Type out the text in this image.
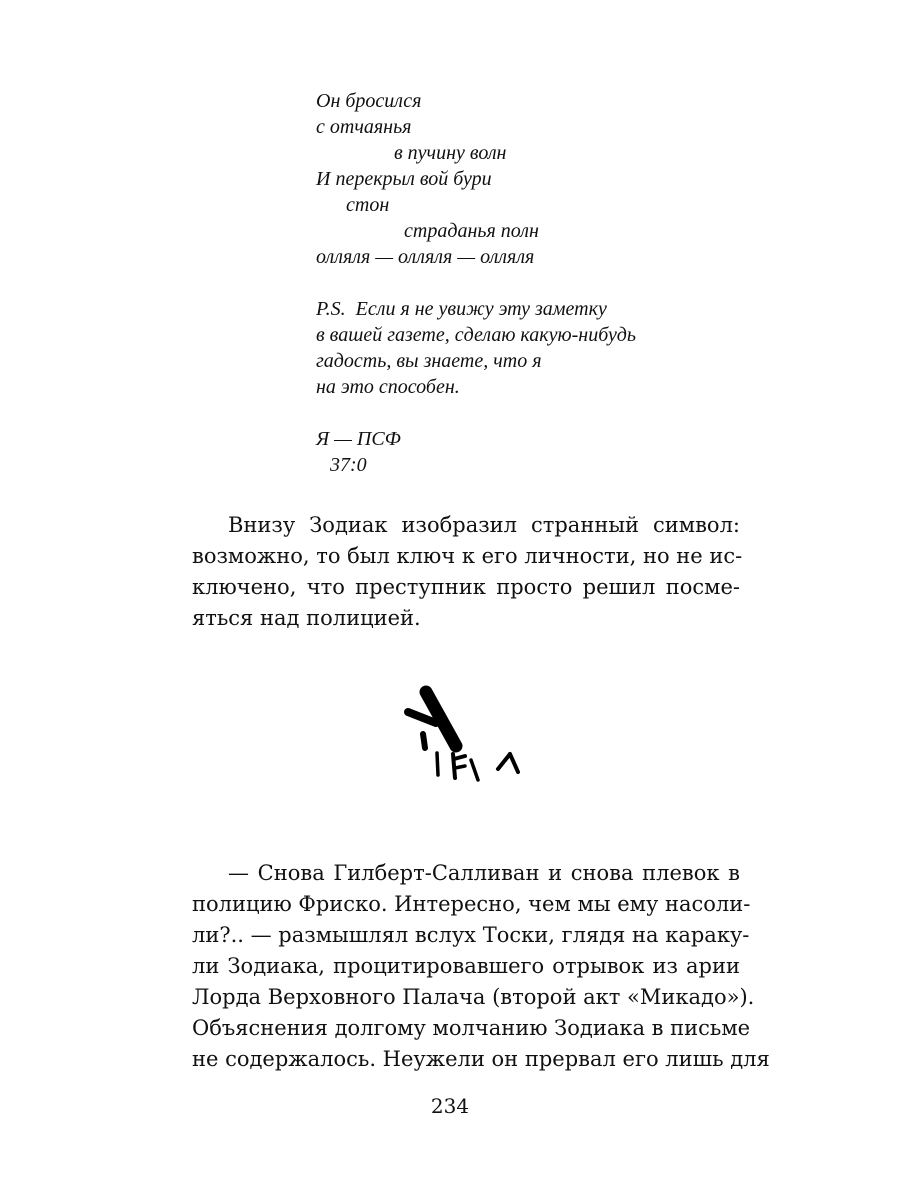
Он бросился
с отчаянья
в пучину волн
И перекрыл вой бури
стон
страданья полн
олляля — олляля — олляля
P.S.  Если я не увижу эту заметку
в вашей газете, сделаю какую-нибудь
гадость, вы знаете, что я
на это способен.
Я — ПСФ
37:0
Внизу Зодиак изобразил странный символ:
возможно, то был ключ к его личности, но не ис-
ключено, что преступник просто решил посме-
яться над полицией.
— Снова Гилберт-Салливан и снова плевок в
полицию Фриско. Интересно, чем мы ему насоли-
ли?.. — размышлял вслух Тоски, глядя на караку-
ли Зодиака, процитировавшего отрывок из арии
Лорда Верховного Палача (второй акт «Микадо»).
Объяснения долгому молчанию Зодиака в письме
не содержалось. Неужели он прервал его лишь для
234
